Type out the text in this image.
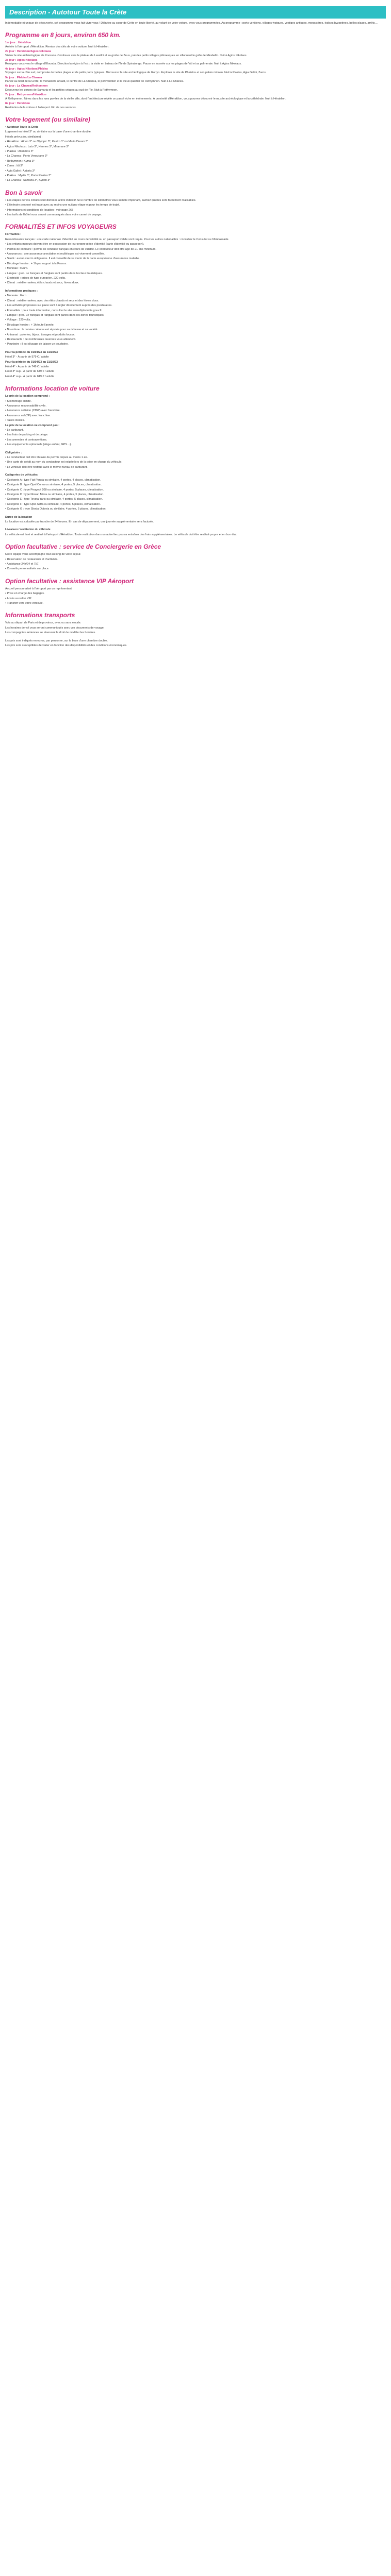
Description - Autotour Toute la Crète

Indémodable et unique de découverte, cet programme vous fait vivre vous ! Débutez au cœur de Crète en toute liberté, au volant de votre voiture, avec vous programmées. Au programme : ports vénitiens, villages typiques, vestiges antiques, monastères, églises byzantines, belles plages, arrêts…

Programme en 8 jours, environ 650 km.

1er jour : Héraklion

Arrivée à l'aéroport d'Héraklion. Remise des clés de votre voiture. Nuit à Héraklion.

2e jour : Héraklion/Agios Nikolaos

Visitez le site archéologique de Knossos. Continuez vers le plateau de Lassithi et sa grotte de Zeus, puis les petits villages pittoresques en sillonnant le golfe de Mirabello. Nuit à Agios Nikolaos.

3e jour : Agios Nikolaos

Rejoignez vous vers le village d'Elounda. Direction la région à l'est : la visite en bateau de l'île de Spinalonga. Pause en journée sur les plages de Vaï et sa palmeraie. Nuit à Agios Nikolaos.

4e jour : Agios Nikolaos/Plakias

Voyagez sur la côte sud, composée de belles plages et de petits ports typiques. Découvrez le site archéologique de Gortyn. Explorez le site de Phaistos et son palais minoen. Nuit à Plakias, Agia Galini, Zaros.

5e jour : Plakias/La Chanea

Partez au nord de la Crète, le monastère Arkadi, le centre de La Chanea, le port vénitien et le vieux quartier de Rethymnon. Nuit à La Chanea.

6e jour : La Chanea/Rethymnon

Découvrez les gorges de Samaria et les petites criques au sud de l'île. Nuit à Rethymnon.

7e jour : Rethymnon/Héraklion

À Rethymnon, flânez dans les rues pavées de la vieille ville, dont l'architecture révèle un passé riche en événements. À proximité d'Héraklion, vous pourrez découvrir le musée archéologique et la cathédrale. Nuit à Héraklion.

8e jour : Héraklion

Restitution de la voiture à l'aéroport. Fin de nos services.

Votre logement (ou similaire)

• Autotour Toute la Crète

Logement en hôtel 3* ou similaire sur la base d'une chambre double.

Hôtels prévus (ou similaires) :

• Héraklion : Atrion 3* ou Olympic 3*, Kastro 3* ou Marin Dream 3*

• Agios Nikolaos : Lato 3*, Hermes 3*, Miramare 3*

• Plakias : Alianthos 3*

• La Chanea : Porto Veneziano 3*

• Rethymnon : Kyma 3*

• Zaros : Idi 3*

• Agia Galini : Astoria 3*

• Plakias : Myrtis 3*, Porto Plakias 3*

• La Chanea : Samaria 3*, Kydon 3*

Bon à savoir

• Les étapes de vos circuits sont données à titre indicatif. Si le nombre de kilomètres vous semble important, sachez qu'elles sont facilement réalisables.

• L'itinéraire proposé est tracé avec au moins une nuit par étape et pour les temps de trajet.

• Informations et conditions de location : voir page 265

• Les tarifs de l'hôtel vous seront communiqués dans votre carnet de voyage.

FORMALITÉS ET INFOS VOYAGEURS

Formalités :

Ressortissants français : une carte nationale d'identité en cours de validité ou un passeport valide sont requis. Pour les autres nationalités : consultez le Consulat ou l'Ambassade.

• Les enfants mineurs doivent être en possession de leur propre pièce d'identité (carte d'identité ou passeport).

• Permis de conduire : permis de conduire français en cours de validité. Le conducteur doit être âgé de 21 ans minimum.

• Assurances : une assurance annulation et multirisque est vivement conseillée.

• Santé : aucun vaccin obligatoire. Il est conseillé de se munir de la carte européenne d'assurance maladie.

• Décalage horaire : + 1h par rapport à la France.

• Monnaie : l'Euro.

• Langue : grec. Le français et l'anglais sont parlés dans les lieux touristiques.

• Électricité : prises de type européen, 220 volts.

• Climat : méditerranéen, étés chauds et secs, hivers doux.

Informations pratiques :

• Monnaie : Euro

• Climat : méditerranéen, avec des étés chauds et secs et des hivers doux.

• Les activités proposées sur place sont à régler directement auprès des prestataires.

• Formalités : pour toute information, consultez le site www.diplomatie.gouv.fr

• Langue : grec. Le français et l'anglais sont parlés dans les zones touristiques.

• Voltage : 220 volts.

• Décalage horaire : + 1h toute l'année.

• Nourriture : la cuisine crétoise est réputée pour sa richesse et sa variété.

• Artisanat : poteries, bijoux, tissages et produits locaux.

• Restaurants : de nombreuses tavernes vous attendent.

• Pourboire : il est d'usage de laisser un pourboire.

Pour la période du 01/04/23 au 31/10/23

Hôtel 3* - À partir de 579 € / adulte

Pour la période du 01/04/23 au 31/10/23

Hôtel 4* - À partir de 749 € / adulte

Hôtel 3* sup - À partir de 649 € / adulte

Hôtel 4* sup - À partir de 849 € / adulte

Informations location de voiture

Le prix de la location comprend :

• Kilométrage illimité.

• Assurance responsabilité civile.

• Assurance collision (CDW) avec franchise.

• Assurance vol (TP) avec franchise.

• Taxes locales.

Le prix de la location ne comprend pas :

• Le carburant.

• Les frais de parking et de péage.

• Les amendes et contraventions.

• Les équipements optionnels (siège enfant, GPS…).

Obligatoire :

• Le conducteur doit être titulaire du permis depuis au moins 1 an.

• Une carte de crédit au nom du conducteur est exigée lors de la prise en charge du véhicule.

• Le véhicule doit être restitué avec le même niveau de carburant.

Catégories de véhicules

• Catégorie A : type Fiat Panda ou similaire, 4 portes, 4 places, climatisation.

• Catégorie B : type Opel Corsa ou similaire, 4 portes, 5 places, climatisation.

• Catégorie C : type Peugeot 208 ou similaire, 4 portes, 5 places, climatisation.

• Catégorie D : type Nissan Micra ou similaire, 4 portes, 5 places, climatisation.

• Catégorie E : type Toyota Yaris ou similaire, 4 portes, 5 places, climatisation.

• Catégorie F : type Opel Astra ou similaire, 4 portes, 5 places, climatisation.

• Catégorie G : type Skoda Octavia ou similaire, 4 portes, 5 places, climatisation.

Durée de la location

La location est calculée par tranche de 24 heures. En cas de dépassement, une journée supplémentaire sera facturée.

Livraison / restitution du véhicule

Le véhicule est livré et restitué à l'aéroport d'Héraklion. Toute restitution dans un autre lieu pourra entraîner des frais supplémentaires. Le véhicule doit être restitué propre et en bon état.

Option facultative : service de Conciergerie en Grèce

Notre équipe vous accompagne tout au long de votre séjour.

• Réservation de restaurants et d'activités.

• Assistance 24h/24 et 7j/7.

• Conseils personnalisés sur place.

Option facultative : assistance VIP Aéroport

Accueil personnalisé à l'aéroport par un représentant.

• Prise en charge des bagages.

• Accès au salon VIP.

• Transfert vers votre véhicule.

Informations transports

Vols au départ de Paris et de province, avec ou sans escale.

Les horaires de vol vous seront communiqués avec vos documents de voyage.

Les compagnies aériennes se réservent le droit de modifier les horaires.

Les prix sont indiqués en euros, par personne, sur la base d'une chambre double.

Les prix sont susceptibles de varier en fonction des disponibilités et des conditions économiques.
